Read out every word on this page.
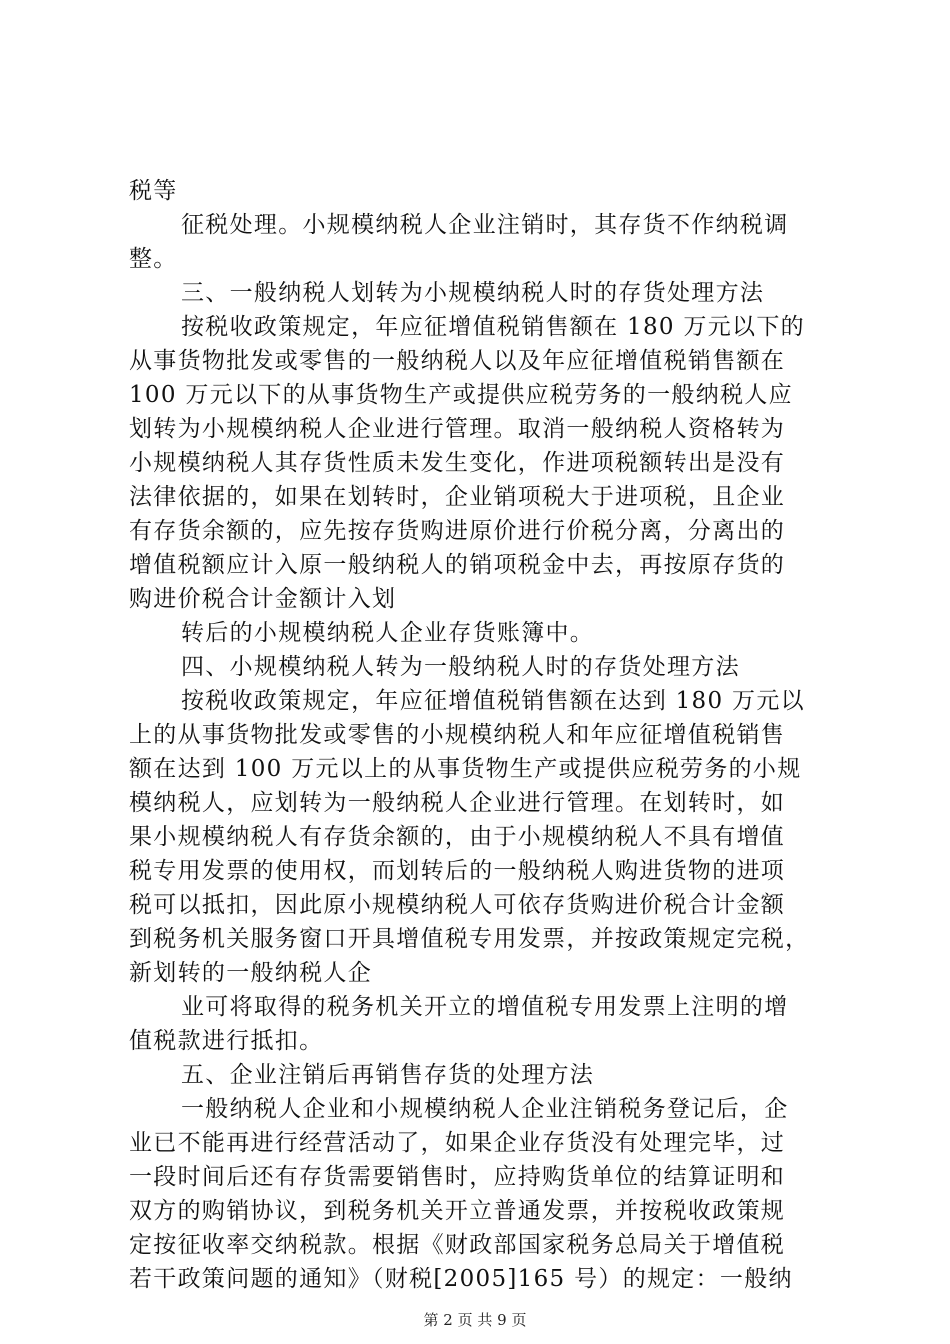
税等
征税处理。小规模纳税人企业注销时，其存货不作纳税调
整。
三、一般纳税人划转为小规模纳税人时的存货处理方法
按税收政策规定，年应征增值税销售额在 180 万元以下的
从事货物批发或零售的一般纳税人以及年应征增值税销售额在
100 万元以下的从事货物生产或提供应税劳务的一般纳税人应
划转为小规模纳税人企业进行管理。取消一般纳税人资格转为
小规模纳税人其存货性质未发生变化，作进项税额转出是没有
法律依据的，如果在划转时，企业销项税大于进项税，且企业
有存货余额的，应先按存货购进原价进行价税分离，分离出的
增值税额应计入原一般纳税人的销项税金中去，再按原存货的
购进价税合计金额计入划
转后的小规模纳税人企业存货账簿中。
四、小规模纳税人转为一般纳税人时的存货处理方法
按税收政策规定，年应征增值税销售额在达到 180 万元以
上的从事货物批发或零售的小规模纳税人和年应征增值税销售
额在达到 100 万元以上的从事货物生产或提供应税劳务的小规
模纳税人，应划转为一般纳税人企业进行管理。在划转时，如
果小规模纳税人有存货余额的，由于小规模纳税人不具有增值
税专用发票的使用权，而划转后的一般纳税人购进货物的进项
税可以抵扣，因此原小规模纳税人可依存货购进价税合计金额
到税务机关服务窗口开具增值税专用发票，并按政策规定完税，
新划转的一般纳税人企
业可将取得的税务机关开立的增值税专用发票上注明的增
值税款进行抵扣。
五、企业注销后再销售存货的处理方法
一般纳税人企业和小规模纳税人企业注销税务登记后，企
业已不能再进行经营活动了，如果企业存货没有处理完毕，过
一段时间后还有存货需要销售时，应持购货单位的结算证明和
双方的购销协议，到税务机关开立普通发票，并按税收政策规
定按征收率交纳税款。根据《财政部国家税务总局关于增值税
若干政策问题的通知》（财税[2005]165 号）的规定：一般纳
第 2 页 共 9 页
